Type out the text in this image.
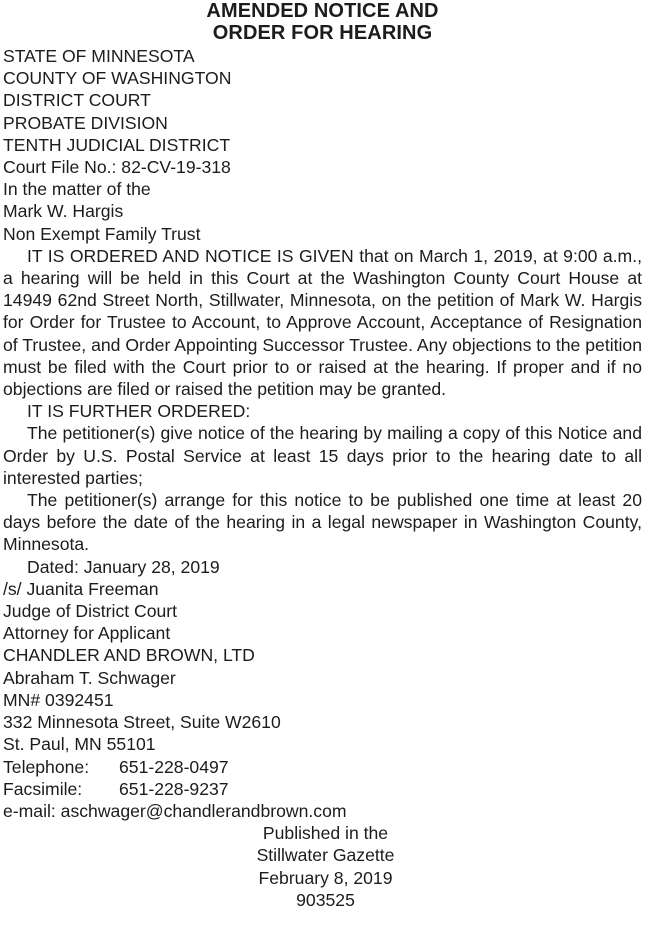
AMENDED NOTICE AND
ORDER FOR HEARING
STATE OF MINNESOTA
COUNTY OF WASHINGTON
DISTRICT COURT
PROBATE DIVISION
TENTH JUDICIAL DISTRICT
Court File No.: 82-CV-19-318
In the matter of the
Mark W. Hargis
Non Exempt Family Trust
IT IS ORDERED AND NOTICE IS GIVEN that on March 1, 2019, at 9:00 a.m., a hearing will be held in this Court at the Washington County Court House at 14949 62nd Street North, Stillwater, Minnesota, on the petition of Mark W. Hargis for Order for Trustee to Account, to Approve Account, Acceptance of Resignation of Trustee, and Order Appointing Successor Trustee. Any objections to the petition must be filed with the Court prior to or raised at the hearing. If proper and if no objections are filed or raised the petition may be granted.
IT IS FURTHER ORDERED:
The petitioner(s) give notice of the hearing by mailing a copy of this Notice and Order by U.S. Postal Service at least 15 days prior to the hearing date to all interested parties;
The petitioner(s) arrange for this notice to be published one time at least 20 days before the date of the hearing in a legal newspaper in Washington County, Minnesota.
Dated: January 28, 2019
/s/ Juanita Freeman
Judge of District Court
Attorney for Applicant
CHANDLER AND BROWN, LTD
Abraham T. Schwager
MN# 0392451
332 Minnesota Street, Suite W2610
St. Paul, MN 55101
Telephone: 651-228-0497
Facsimile: 651-228-9237
e-mail: aschwager@chandlerandbrown.com
Published in the
Stillwater Gazette
February 8, 2019
903525
